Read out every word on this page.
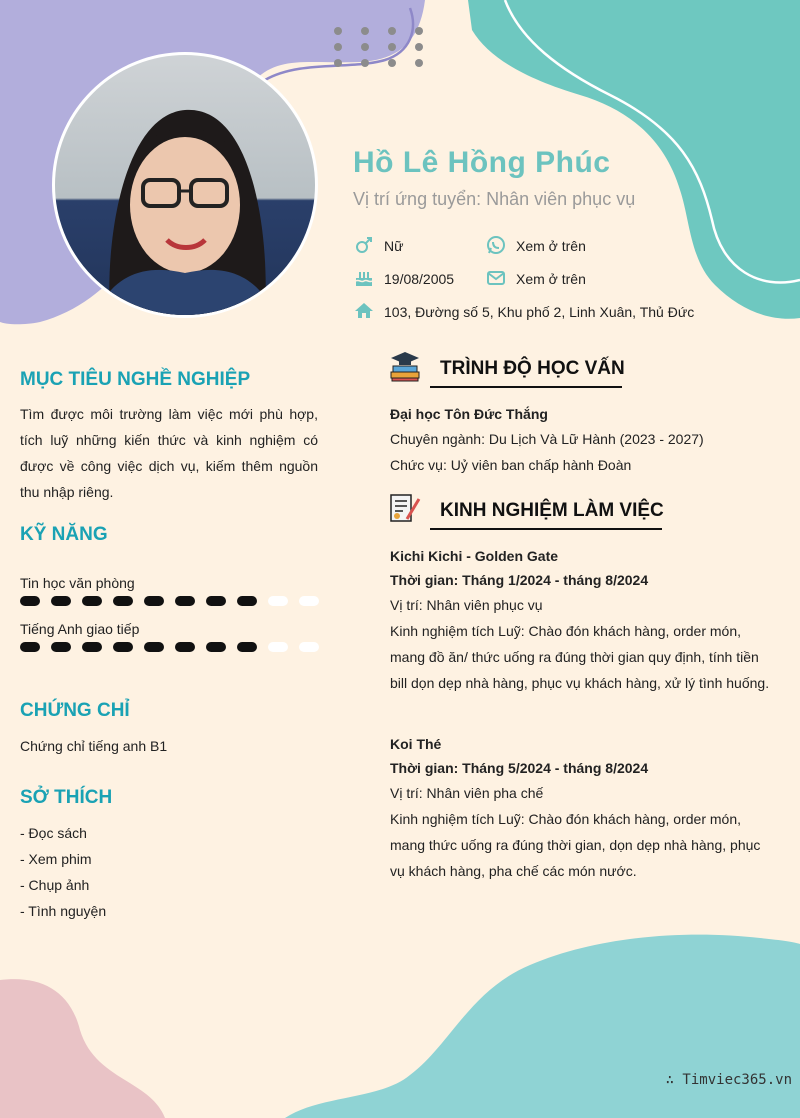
Hồ Lê Hồng Phúc
Vị trí ứng tuyển: Nhân viên phục vụ
Nữ	Xem ở trên
19/08/2005	Xem ở trên
103, Đường số 5, Khu phố 2, Linh Xuân, Thủ Đức
MỤC TIÊU NGHỀ NGHIỆP
Tìm được môi trường làm việc mới phù hợp, tích luỹ những kiến thức và kinh nghiệm có được về công việc dịch vụ, kiếm thêm nguồn thu nhập riêng.
KỸ NĂNG
Tin học văn phòng
Tiếng Anh giao tiếp
CHỨNG CHỈ
Chứng chỉ tiếng anh B1
SỞ THÍCH
- Đọc sách
- Xem phim
- Chụp ảnh
- Tình nguyện
TRÌNH ĐỘ HỌC VẤN
Đại học Tôn Đức Thắng
Chuyên ngành: Du Lịch Và Lữ Hành (2023 - 2027)
Chức vụ: Uỷ viên ban chấp hành Đoàn
KINH NGHIỆM LÀM VIỆC
Kichi Kichi - Golden Gate
Thời gian: Tháng 1/2024 - tháng 8/2024
Vị trí: Nhân viên phục vụ
Kinh nghiệm tích Luỹ: Chào đón khách hàng, order món, mang đồ ăn/ thức uống ra đúng thời gian quy định, tính tiền bill dọn dẹp nhà hàng, phục vụ khách hàng, xử lý tình huống.
Koi Thé
Thời gian: Tháng 5/2024 - tháng 8/2024
Vị trí: Nhân viên pha chế
Kinh nghiệm tích Luỹ: Chào đón khách hàng, order món, mang thức uống ra đúng thời gian, dọn dẹp nhà hàng, phục vụ khách hàng, pha chế các món nước.
∴ Timviec365.vn
